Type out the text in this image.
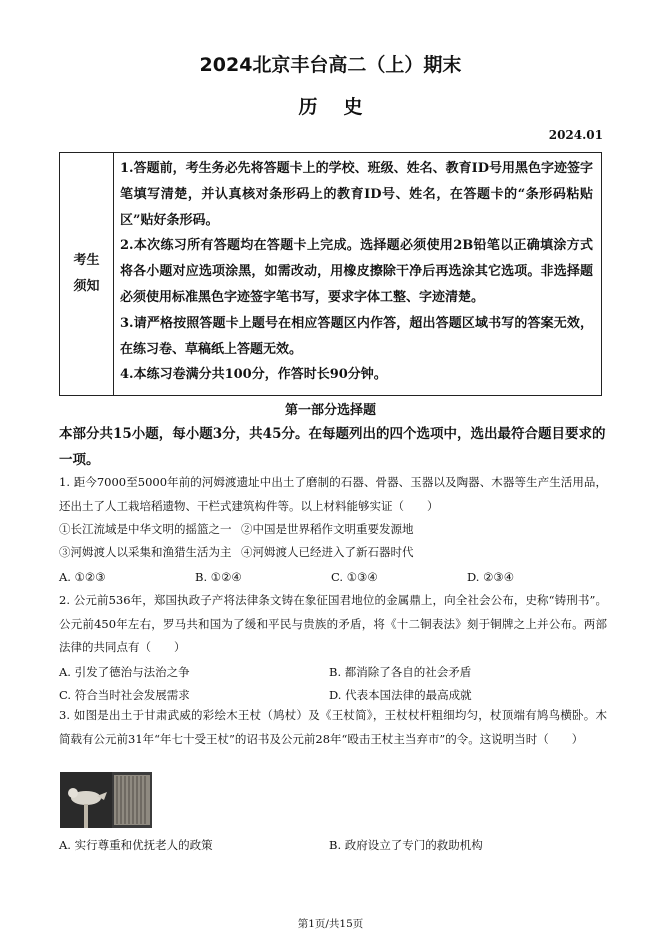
2024北京丰台高二（上）期末
历史
2024.01
考生
须知

1.答题前，考生务必先将答题卡上的学校、班级、姓名、教育ID号用黑色字迹签字笔填写清楚，并认真核对条形码上的教育ID号、姓名，在答题卡的“条形码粘贴区”贴好条形码。

2.本次练习所有答题均在答题卡上完成。选择题必须使用2B铅笔以正确填涂方式将各小题对应选项涂黑，如需改动，用橡皮擦除干净后再选涂其它选项。非选择题必须使用标准黑色字迹签字笔书写，要求字体工整、字迹清楚。

3.请严格按照答题卡上题号在相应答题区内作答，超出答题区域书写的答案无效，在练习卷、草稿纸上答题无效。

4.本练习卷满分共100分，作答时长90分钟。

第一部分选择题
本部分共15小题，每小题3分，共45分。在每题列出的四个选项中，选出最符合题目要求的一项。

1. 距今7000至5000年前的河姆渡遗址中出土了磨制的石器、骨器、玉器以及陶器、木器等生产生活用品，还出土了人工栽培稻遗物、干栏式建筑构件等。以上材料能够实证（　　）

①长江流域是中华文明的摇篮之一 ②中国是世界稻作文明重要发源地
③河姆渡人以采集和渔猎生活为主 ④河姆渡人已经进入了新石器时代
A. ①②③	B. ①②④	C. ①③④	D. ②③④

2. 公元前536年，郑国执政子产将法律条文铸在象征国君地位的金属鼎上，向全社会公布，史称“铸刑书”。公元前450年左右，罗马共和国为了缓和平民与贵族的矛盾，将《十二铜表法》刻于铜牌之上并公布。两部法律的共同点有（　　）

A. 引发了德治与法治之争	B. 都消除了各自的社会矛盾
C. 符合当时社会发展需求	D. 代表本国法律的最高成就

3. 如图是出土于甘肃武威的彩绘木王杖（鸠杖）及《王杖简》，王杖杖杆粗细均匀，杖顶端有鸠鸟横卧。木简载有公元前31年“年七十受王杖”的诏书及公元前28年“殴击王杖主当弃市”的令。这说明当时（　　）

A. 实行尊重和优抚老人的政策	B. 政府设立了专门的救助机构
第1页/共15页
